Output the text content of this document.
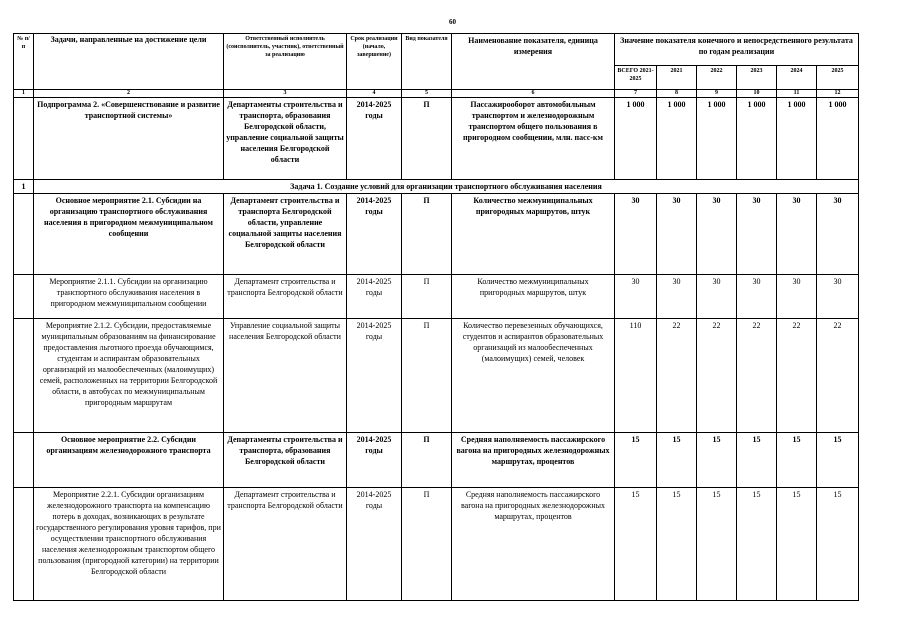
60
№ п/п	Задачи, направленные на достижение цели	Ответственный исполнитель (соисполнитель, участник), ответственный за реализацию	Срок реализации (начало, завершение)	Вид показателя	Наименование показателя, единица измерения	Значение показателя конечного и непосредственного результата по годам реализации					
						ВСЕГО 2021-2025	2021	2022	2023	2024	2025
1	2	3	4	5	6	7	8	9	10	11	12
	Подпрограмма 2. «Совершенствование и развитие транспортной системы»	Департаменты строительства и транспорта, образования Белгородской области, управление социальной защиты населения Белгородской области	2014-2025 годы	П	Пассажирооборот автомобильным транспортом и железнодорожным транспортом общего пользования в пригородном сообщении, млн. пасс-км	1 000	1 000	1 000	1 000	1 000	1 000
1	Задача 1. Создание условий для организации транспортного обслуживания населения										
	Основное мероприятие 2.1. Субсидии на организацию транспортного обслуживания населения в пригородном межмуниципальном сообщении	Департамент строительства и транспорта Белгородской области, управление социальной защиты населения Белгородской области	2014-2025 годы	П	Количество межмуниципальных пригородных маршрутов, штук	30	30	30	30	30	30
	Мероприятие 2.1.1. Субсидии на организацию транспортного обслуживания населения в пригородном межмуниципальном сообщении	Департамент строительства и транспорта Белгородской области	2014-2025 годы	П	Количество межмуниципальных пригородных маршрутов, штук	30	30	30	30	30	30
	Мероприятие 2.1.2. Субсидии, предоставляемые муниципальным образованиям на финансирование предоставления льготного проезда обучающимся, студентам и аспирантам образовательных организаций из малообеспеченных (малоимущих) семей, расположенных на территории Белгородской области, в автобусах по межмуниципальным пригородным маршрутам	Управление социальной защиты населения Белгородской области	2014-2025 годы	П	Количество перевезенных обучающихся, студентов и аспирантов образовательных организаций из малообеспеченных (малоимущих) семей, человек	110	22	22	22	22	22
	Основное мероприятие 2.2. Субсидии организациям железнодорожного транспорта	Департаменты строительства и транспорта, образования Белгородской области	2014-2025 годы	П	Средняя наполняемость пассажирского вагона на пригородных железнодорожных маршрутах, процентов	15	15	15	15	15	15
	Мероприятие 2.2.1. Субсидии организациям железнодорожного транспорта на компенсацию потерь в доходах, возникающих в результате государственного регулирования уровня тарифов, при осуществлении транспортного обслуживания населения железнодорожным транспортом общего пользования (пригородной категории) на территории Белгородской области	Департамент строительства и транспорта Белгородской области	2014-2025 годы	П	Средняя наполняемость пассажирского вагона на пригородных железнодорожных маршрутах, процентов	15	15	15	15	15	15
